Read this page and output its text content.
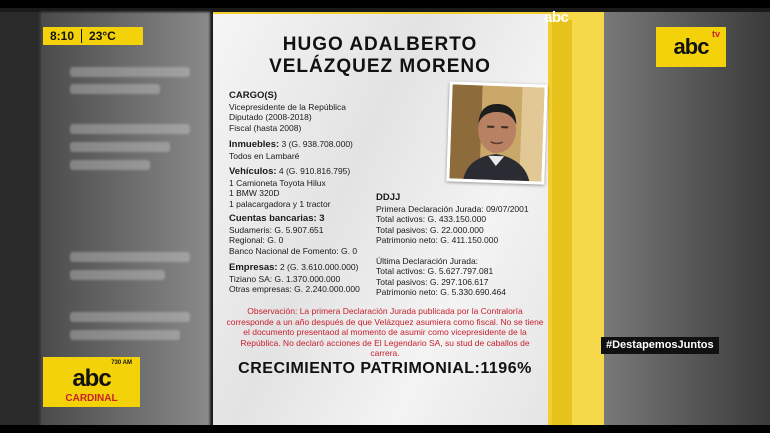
HUGO ADALBERTO
VELÁZQUEZ MORENO
CARGO(S)
Vicepresidente de la República
Diputado (2008-2018)
Fiscal (hasta 2008)
Inmuebles: 3 (G. 938.708.000)
Todos en Lambaré
Vehículos: 4 (G. 910.816.795)
1 Camioneta Toyota Hilux
1 BMW 320D
1 palacargadora y 1 tractor
Cuentas bancarias: 3
Sudameris: G. 5.907.651
Regional: G. 0
Banco Nacional de Fomento: G. 0
Empresas: 2 (G. 3.610.000.000)
Tiziano SA: G. 1.370.000.000
Otras empresas: G. 2.240.000.000
DDJJ
Primera Declaración Jurada: 09/07/2001
Total activos: G. 433.150.000
Total pasivos: G. 22.000.000
Patrimonio neto: G. 411.150.000
Última Declaración Jurada:
Total activos: G. 5.627.797.081
Total pasivos: G. 297.106.617
Patrimonio neto: G. 5.330.690.464
Observación: La primera Declaración Jurada publicada por la Contraloría corresponde a un año después de que Velázquez asumiera como fiscal. No se tiene el documento presentaod al momento de asumir como vicepresidente de la República. No declaró acciones de El Legendario SA, su stud de caballos de carrera.
CRECIMIENTO PATRIMONIAL:1196%
8:10	23°C
abc
abc tv
730 AM
abc
CARDINAL
#DestapemosJuntos
